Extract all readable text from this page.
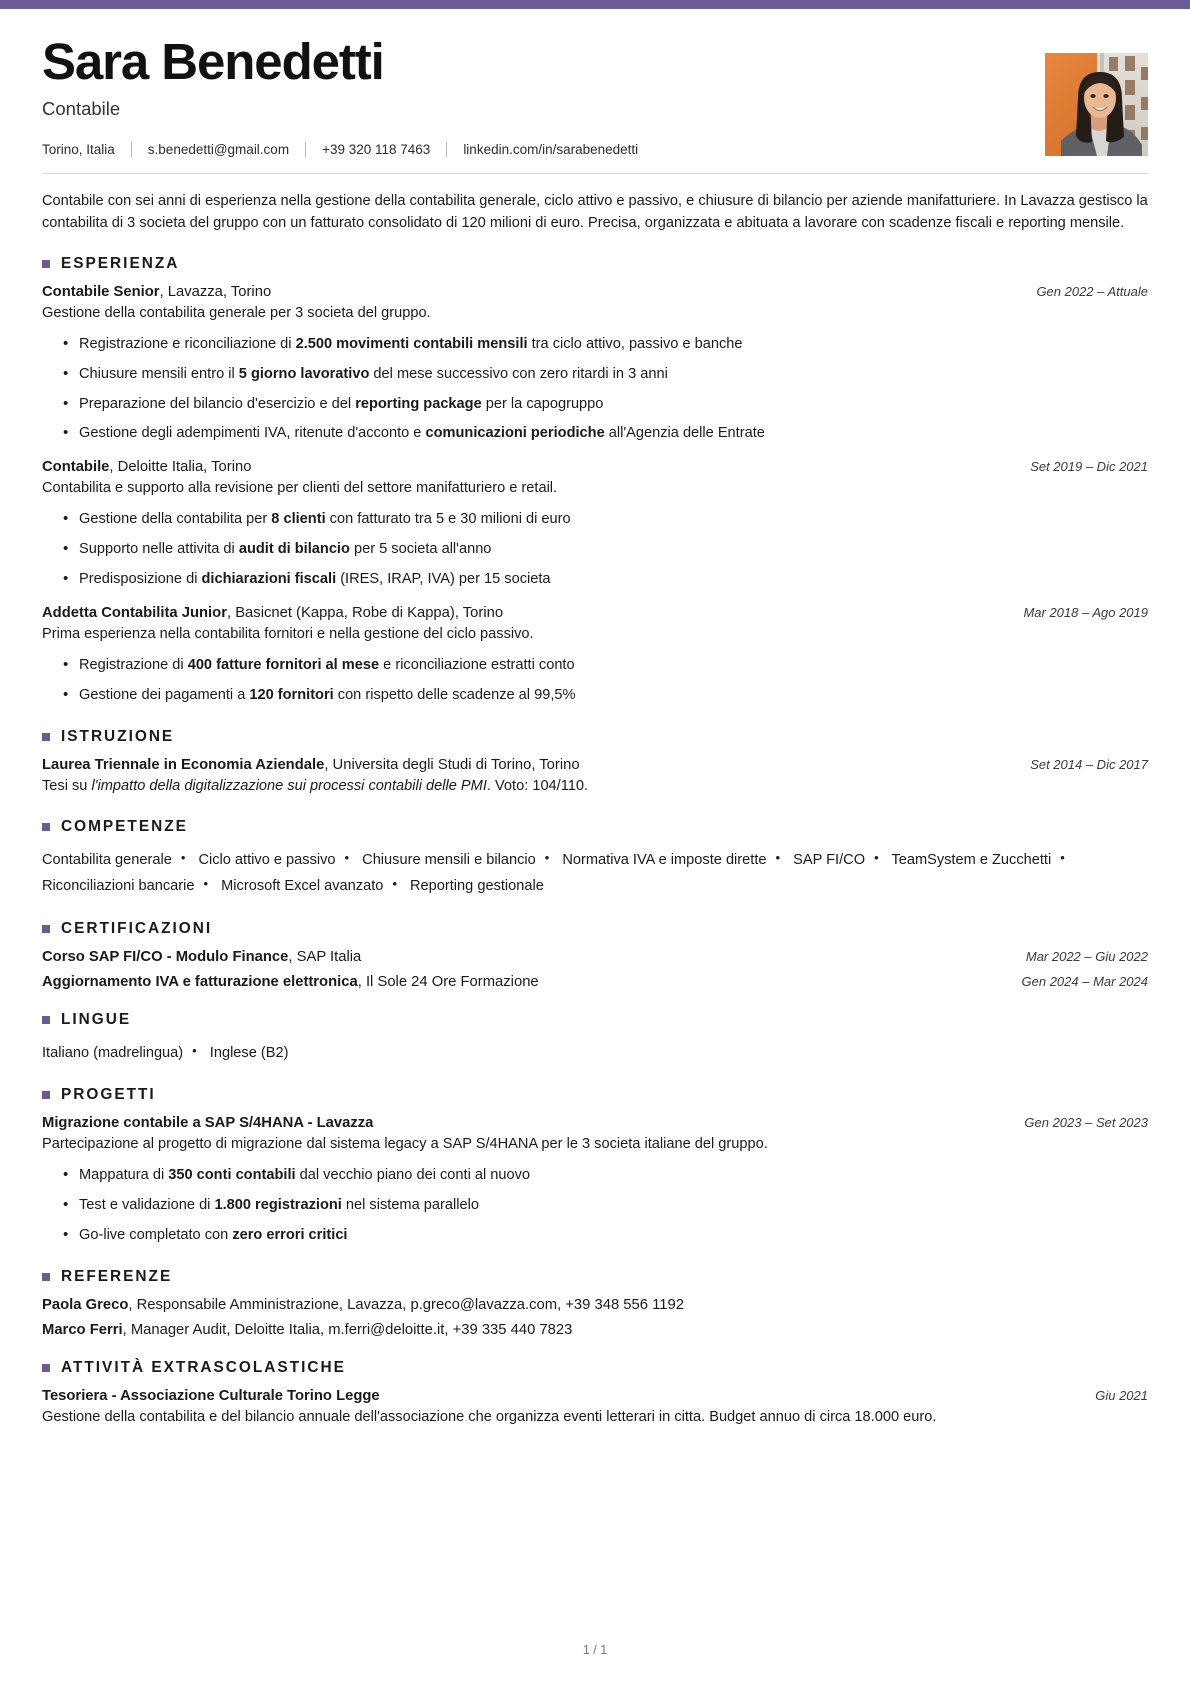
Sara Benedetti
Contabile
Torino, Italia s.benedetti@gmail.com +39 320 118 7463 linkedin.com/in/sarabenedetti
Contabile con sei anni di esperienza nella gestione della contabilita generale, ciclo attivo e passivo, e chiusure di bilancio per aziende manifatturiere. In Lavazza gestisco la contabilita di 3 societa del gruppo con un fatturato consolidato di 120 milioni di euro. Precisa, organizzata e abituata a lavorare con scadenze fiscali e reporting mensile.
ESPERIENZA
Contabile Senior, Lavazza, Torino	Gen 2022 – Attuale
Gestione della contabilita generale per 3 societa del gruppo.
• Registrazione e riconciliazione di 2.500 movimenti contabili mensili tra ciclo attivo, passivo e banche
• Chiusure mensili entro il 5 giorno lavorativo del mese successivo con zero ritardi in 3 anni
• Preparazione del bilancio d'esercizio e del reporting package per la capogruppo
• Gestione degli adempimenti IVA, ritenute d'acconto e comunicazioni periodiche all'Agenzia delle Entrate
Contabile, Deloitte Italia, Torino	Set 2019 – Dic 2021
Contabilita e supporto alla revisione per clienti del settore manifatturiero e retail.
• Gestione della contabilita per 8 clienti con fatturato tra 5 e 30 milioni di euro
• Supporto nelle attivita di audit di bilancio per 5 societa all'anno
• Predisposizione di dichiarazioni fiscali (IRES, IRAP, IVA) per 15 societa
Addetta Contabilita Junior, Basicnet (Kappa, Robe di Kappa), Torino	Mar 2018 – Ago 2019
Prima esperienza nella contabilita fornitori e nella gestione del ciclo passivo.
• Registrazione di 400 fatture fornitori al mese e riconciliazione estratti conto
• Gestione dei pagamenti a 120 fornitori con rispetto delle scadenze al 99,5%
ISTRUZIONE
Laurea Triennale in Economia Aziendale, Universita degli Studi di Torino, Torino	Set 2014 – Dic 2017
Tesi su l'impatto della digitalizzazione sui processi contabili delle PMI. Voto: 104/110.
COMPETENZE
Contabilita generale • Ciclo attivo e passivo • Chiusure mensili e bilancio • Normativa IVA e imposte dirette • SAP FI/CO • TeamSystem e Zucchetti • Riconciliazioni bancarie • Microsoft Excel avanzato • Reporting gestionale
CERTIFICAZIONI
Corso SAP FI/CO - Modulo Finance, SAP Italia	Mar 2022 – Giu 2022
Aggiornamento IVA e fatturazione elettronica, Il Sole 24 Ore Formazione	Gen 2024 – Mar 2024
LINGUE
Italiano (madrelingua) • Inglese (B2)
PROGETTI
Migrazione contabile a SAP S/4HANA - Lavazza	Gen 2023 – Set 2023
Partecipazione al progetto di migrazione dal sistema legacy a SAP S/4HANA per le 3 societa italiane del gruppo.
• Mappatura di 350 conti contabili dal vecchio piano dei conti al nuovo
• Test e validazione di 1.800 registrazioni nel sistema parallelo
• Go-live completato con zero errori critici
REFERENZE
Paola Greco, Responsabile Amministrazione, Lavazza, p.greco@lavazza.com, +39 348 556 1192
Marco Ferri, Manager Audit, Deloitte Italia, m.ferri@deloitte.it, +39 335 440 7823
ATTIVITÀ EXTRASCOLASTICHE
Tesoriera - Associazione Culturale Torino Legge	Giu 2021
Gestione della contabilita e del bilancio annuale dell'associazione che organizza eventi letterari in citta. Budget annuo di circa 18.000 euro.
1 / 1
